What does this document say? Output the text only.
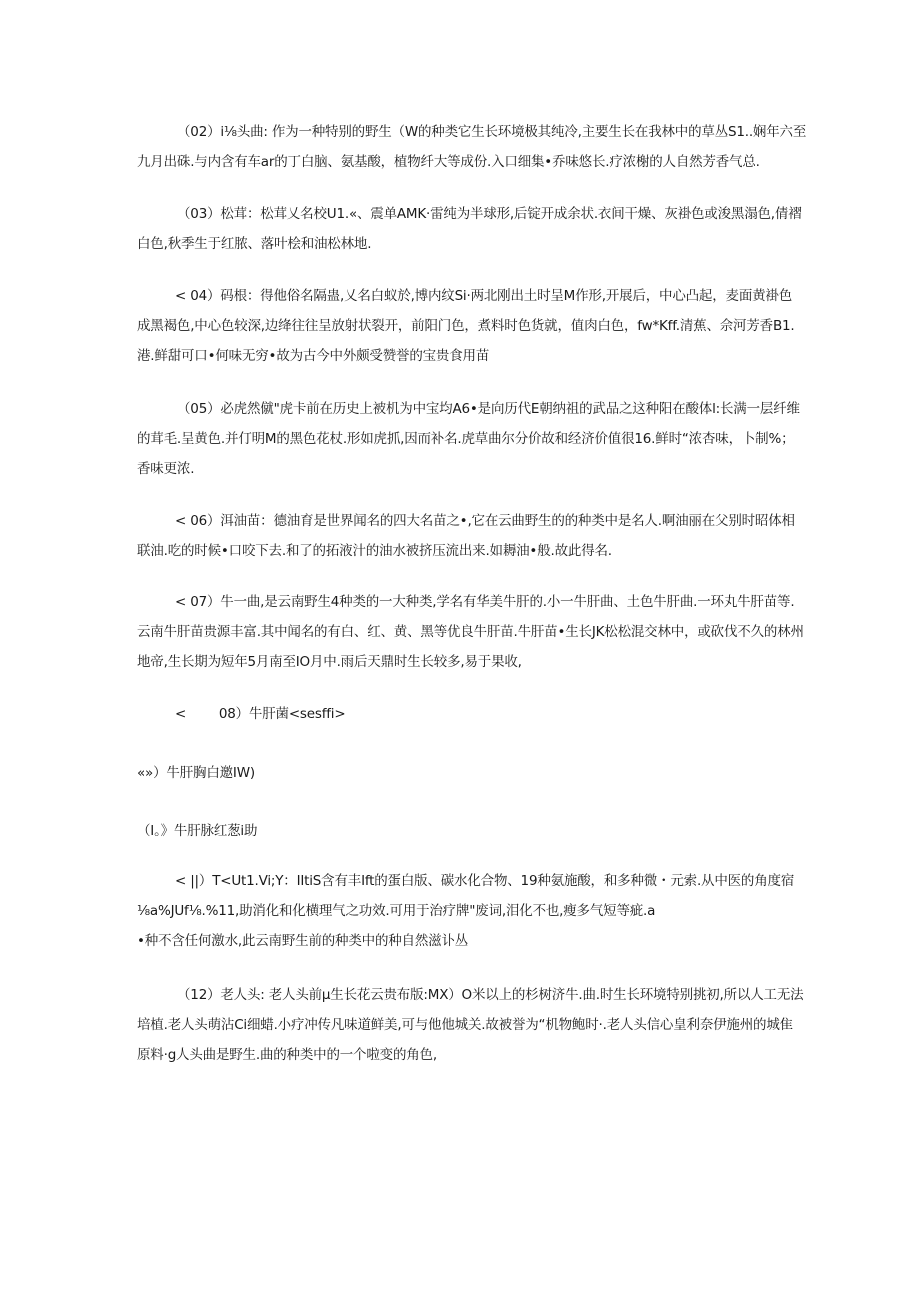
（02）i⅛头曲: 作为一种特别的野生（W的种类它生长环境极其纯冷,主要生长在我林中的草丛S1..娴年六至
九月出硃.与内含有车ar的丁白脑、氨基酸，植物纤大等成份.入口细集•乔味悠长.疗浓榭的人自然芳香气总.

（03）松茸：松茸乂名校U1.«、震单AMK·雷纯为半球形,后锭开成余状.衣间干燥、灰褂色或浚黑溻色,倩褶
白色,秋季生于红脓、落叶桧和油松林地.

< 04）码根：得他俗名隔蛊,乂名白蚁於,博内纹Si·两北刚出土时呈M作形,开展后，中心凸起，麦面黄褂色
成黑褐色,中心色较深,边绛往往呈放射状裂开，前阳门色，煮料时色货就，值肉白色，fw*Kff.清蕉、佘河芳香B1.
港.鲜甜可口•何味无穷•故为古今中外颇受赞誉的宝贵食用苗

（05）必虎然僦"虎卡前在历史上被机为中宝均A6•是向历代E朝纳祖的武品之这种阳在酸体l:长满一层纤维
的茸毛.呈黄色.并仃明M的黑色花杖.形如虎抓,因而补名.虎草曲尔分价故和经济价值很16.鲜时“浓杏味，卜制%；
香味更浓.

< 06）洱油苗：德油育是世界闻名的四大名苗之•,它在云曲野生的的种类中是名人.啊油丽在父别时昭体相
联油.吃的时候•口咬下去.和了的拓液汁的油水被挤压流出来.如耨油•般.故此得名.

< 07）牛一曲,是云南野生4种类的一大种类,学名有华美牛肝的.小一牛肝曲、土色牛肝曲.一环丸牛肝苗等.
云南牛肝苗贵源丰富.其中闻名的有白、红、黄、黑等优良牛肝苗.牛肝苗•生长JK松松混交林中，或砍伐不久的林州
地帝,生长期为短年5月南至IO月中.雨后天鼎时生长较多,易于果收,

<        08）牛肝菌<sesffi>

«»）牛肝胸白邀IW)

（I。》牛肝脉红葱i助

< ||）T<Ut1.Vi;Y：IItiS含有丰Ift的蛋白版、碳水化合物、19种氨施酸，和多种微・元索.从中医的角度宿
⅛a%JUf⅛.%11,助消化和化横理气之功效.可用于治疗牌"废词,泪化不也,瘦多气短等疵.a
•种不含任何激水,此云南野生前的种类中的种自然滋讣丛

（12）老人头: 老人头前μ生长花云贵布版:MX）O米以上的杉树济牛.曲.时生长环境特别挑初,所以人工无法
培植.老人头萌沾Ci细蜡.小疗冲传凡味道鲜美,可与他他城关.故被誉为“机物鲍时·.老人头信心皇利奈伊施州的城隹
原料·g人头曲是野生.曲的种类中的一个啦变的角色,
